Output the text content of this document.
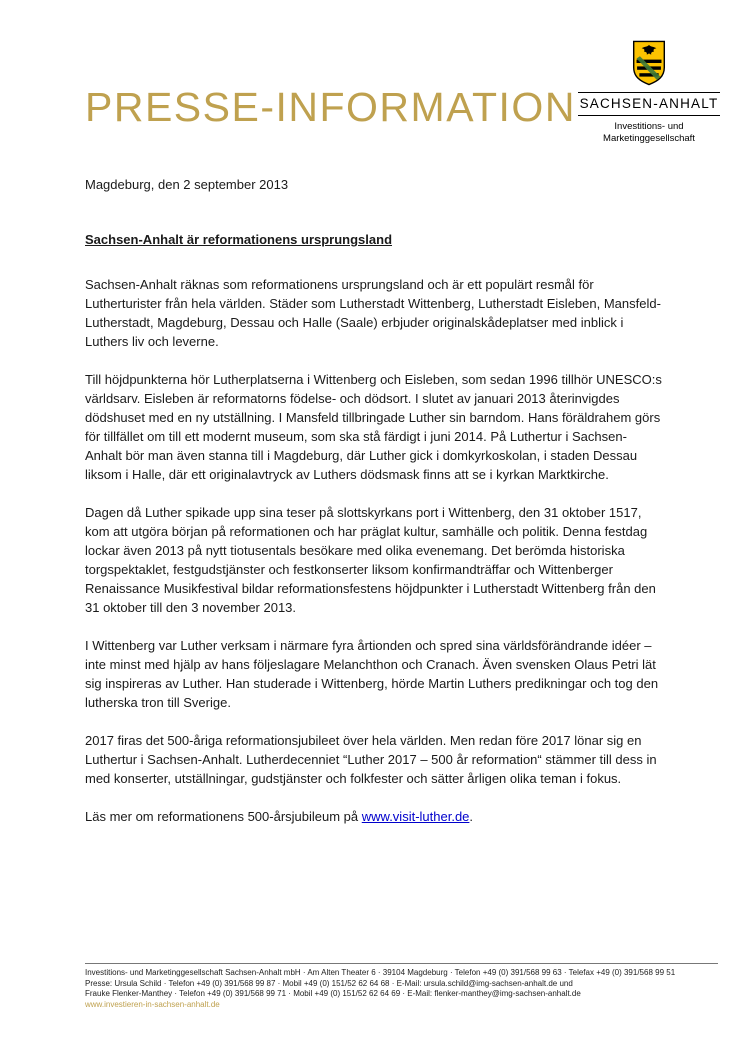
PRESSE-INFORMATION SACHSEN-ANHALT
Investitions- und
Marketinggesellschaft

Magdeburg, den 2 september 2013

Sachsen-Anhalt är reformationens ursprungsland

Sachsen-Anhalt räknas som reformationens ursprungsland och är ett populärt resmål för Lutherturister från hela världen. Städer som Lutherstadt Wittenberg, Lutherstadt Eisleben, Mansfeld-Lutherstadt, Magdeburg, Dessau och Halle (Saale) erbjuder originalskådeplatser med inblick i Luthers liv och leverne.

Till höjdpunkterna hör Lutherplatserna i Wittenberg och Eisleben, som sedan 1996 tillhör UNESCO:s världsarv. Eisleben är reformatorns födelse- och dödsort. I slutet av januari 2013 återinvigdes dödshuset med en ny utställning. I Mansfeld tillbringade Luther sin barndom. Hans föräldrahem görs för tillfället om till ett modernt museum, som ska stå färdigt i juni 2014. På Luthertur i Sachsen-Anhalt bör man även stanna till i Magdeburg, där Luther gick i domkyrkoskolan, i staden Dessau liksom i Halle, där ett originalavtryck av Luthers dödsmask finns att se i kyrkan Marktkirche.

Dagen då Luther spikade upp sina teser på slottskyrkans port i Wittenberg, den 31 oktober 1517, kom att utgöra början på reformationen och har präglat kultur, samhälle och politik. Denna festdag lockar även 2013 på nytt tiotusentals besökare med olika evenemang. Det berömda historiska torgspektaklet, festgudstjänster och festkonserter liksom konfirmandträffar och Wittenberger Renaissance Musikfestival bildar reformationsfestens höjdpunkter i Lutherstadt Wittenberg från den 31 oktober till den 3 november 2013.

I Wittenberg var Luther verksam i närmare fyra årtionden och spred sina världsförändrande idéer – inte minst med hjälp av hans följeslagare Melanchthon och Cranach. Även svensken Olaus Petri lät sig inspireras av Luther. Han studerade i Wittenberg, hörde Martin Luthers predikningar och tog den lutherska tron till Sverige.

2017 firas det 500-åriga reformationsjubileet över hela världen. Men redan före 2017 lönar sig en Luthertur i Sachsen-Anhalt. Lutherdecenniet “Luther 2017 – 500 år reformation“ stämmer till dess in med konserter, utställningar, gudstjänster och folkfester och sätter årligen olika teman i fokus.

Läs mer om reformationens 500-årsjubileum på www.visit-luther.de.

Investitions- und Marketinggesellschaft Sachsen-Anhalt mbH · Am Alten Theater 6 · 39104 Magdeburg · Telefon +49 (0) 391/568 99 63 · Telefax +49 (0) 391/568 99 51

Presse: Ursula Schild · Telefon +49 (0) 391/568 99 87 · Mobil +49 (0) 151/52 62 64 68 · E-Mail: ursula.schild@img-sachsen-anhalt.de und

Frauke Flenker-Manthey · Telefon +49 (0) 391/568 99 71 · Mobil +49 (0) 151/52 62 64 69 · E-Mail: flenker-manthey@img-sachsen-anhalt.de

www.investieren-in-sachsen-anhalt.de
